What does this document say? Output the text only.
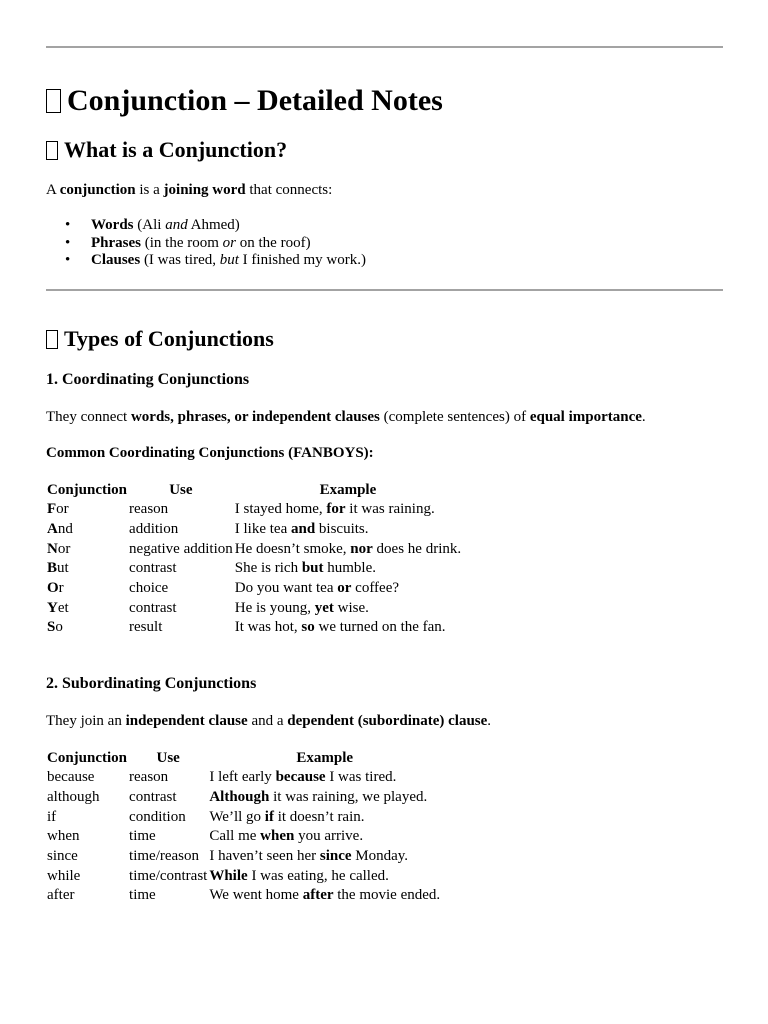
Conjunction – Detailed Notes
What is a Conjunction?
A conjunction is a joining word that connects:
• Words (Ali and Ahmed)
• Phrases (in the room or on the roof)
• Clauses (I was tired, but I finished my work.)
Types of Conjunctions
1. Coordinating Conjunctions
They connect words, phrases, or independent clauses (complete sentences) of equal importance.
Common Coordinating Conjunctions (FANBOYS):
Conjunction	Use	Example
For	reason	I stayed home, for it was raining.
And	addition	I like tea and biscuits.
Nor	negative addition	He doesn’t smoke, nor does he drink.
But	contrast	She is rich but humble.
Or	choice	Do you want tea or coffee?
Yet	contrast	He is young, yet wise.
So	result	It was hot, so we turned on the fan.
2. Subordinating Conjunctions
They join an independent clause and a dependent (subordinate) clause.
Conjunction	Use	Example
because	reason	I left early because I was tired.
although	contrast	Although it was raining, we played.
if	condition	We’ll go if it doesn’t rain.
when	time	Call me when you arrive.
since	time/reason	I haven’t seen her since Monday.
while	time/contrast	While I was eating, he called.
after	time	We went home after the movie ended.
